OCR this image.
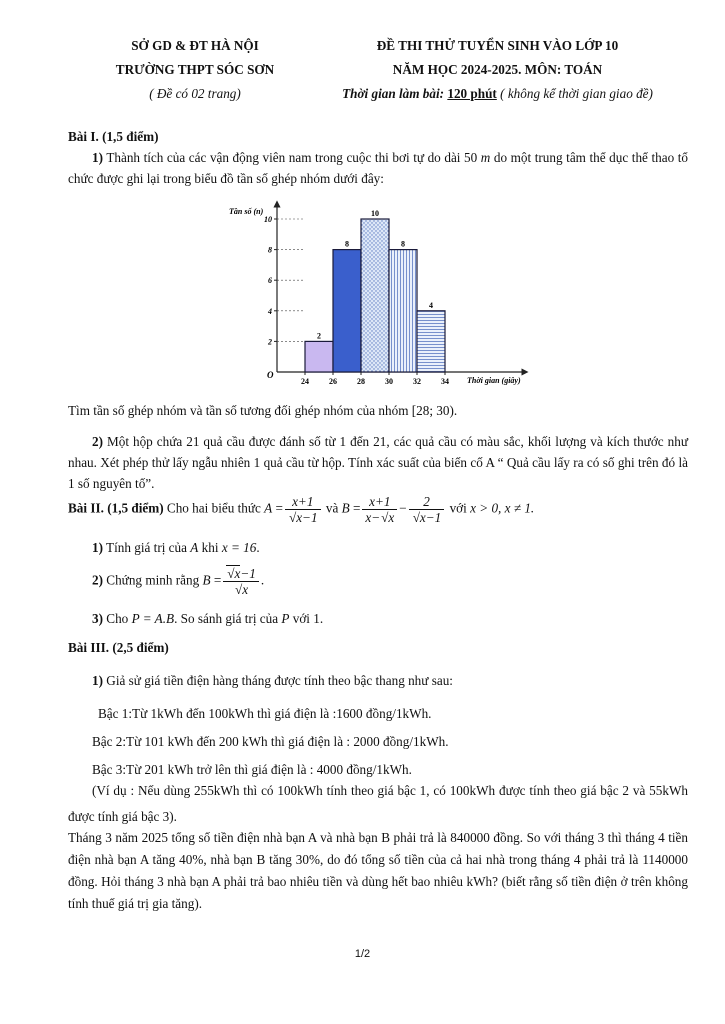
SỞ GD & ĐT HÀ NỘI
TRƯỜNG THPT SÓC SƠN
( Đề có 02 trang)
ĐỀ THI THỬ TUYỂN SINH VÀO LỚP 10
NĂM HỌC 2024-2025. MÔN: TOÁN
Thời gian làm bài: 120 phút ( không kể thời gian giao đề)
Bài I. (1,5 điểm)
1) Thành tích của các vận động viên nam trong cuộc thi bơi tự do dài 50 m do một trung tâm thể dục thể thao tổ chức được ghi lại trong biểu đồ tần số ghép nhóm dưới đây:
Tần số (n)
Thời gian (giây)
O
2
8
10
8
4
2
4
6
8
10
24	26	28	30	32	34
Tìm tần số ghép nhóm và tần số tương đối ghép nhóm của nhóm [28; 30).
2) Một hộp chứa 21 quả cầu được đánh số từ 1 đến 21, các quả cầu có màu sắc, khối lượng và kích thước như nhau. Xét phép thử lấy ngẫu nhiên 1 quả cầu từ hộp. Tính xác suất của biến cố A “ Quả cầu lấy ra có số ghi trên đó là 1 số nguyên tố”.
Bài II. (1,5 điểm) Cho hai biểu thức $A = \frac{x+1}{√x-1}$ và $B = \frac{x+1}{x-√x} - \frac{2}{√x-1}$ với x > 0, x ≠ 1.
1) Tính giá trị của A khi x = 16.
2) Chứng minh rằng $B = \frac{√x-1}{√x}$ .
3) Cho P = A.B. So sánh giá trị của P với 1.
Bài III. (2,5 điểm)
1) Giả sử giá tiền điện hàng tháng được tính theo bậc thang như sau:
Bậc 1:Từ 1kWh đến 100kWh thì giá điện là :1600 đồng/1kWh.
Bậc 2:Từ 101 kWh đến 200 kWh thì giá điện là : 2000 đồng/1kWh.
Bậc 3:Từ 201 kWh trở lên thì giá điện là : 4000 đồng/1kWh.
(Ví dụ : Nếu dùng 255kWh thì có 100kWh tính theo giá bậc 1, có 100kWh được tính theo giá bậc 2 và 55kWh được tính giá bậc 3).
Tháng 3 năm 2025 tổng số tiền điện nhà bạn A và nhà bạn B phải trả là 840000 đồng. So với tháng 3 thì tháng 4 tiền điện nhà bạn A tăng 40%, nhà bạn B tăng 30%, do đó tổng số tiền của cả hai nhà trong tháng 4 phải trả là 1140000 đồng. Hỏi tháng 3 nhà bạn A phải trả bao nhiêu tiền và dùng hết bao nhiêu kWh? (biết rằng số tiền điện ở trên không tính thuế giá trị gia tăng).
1/2
